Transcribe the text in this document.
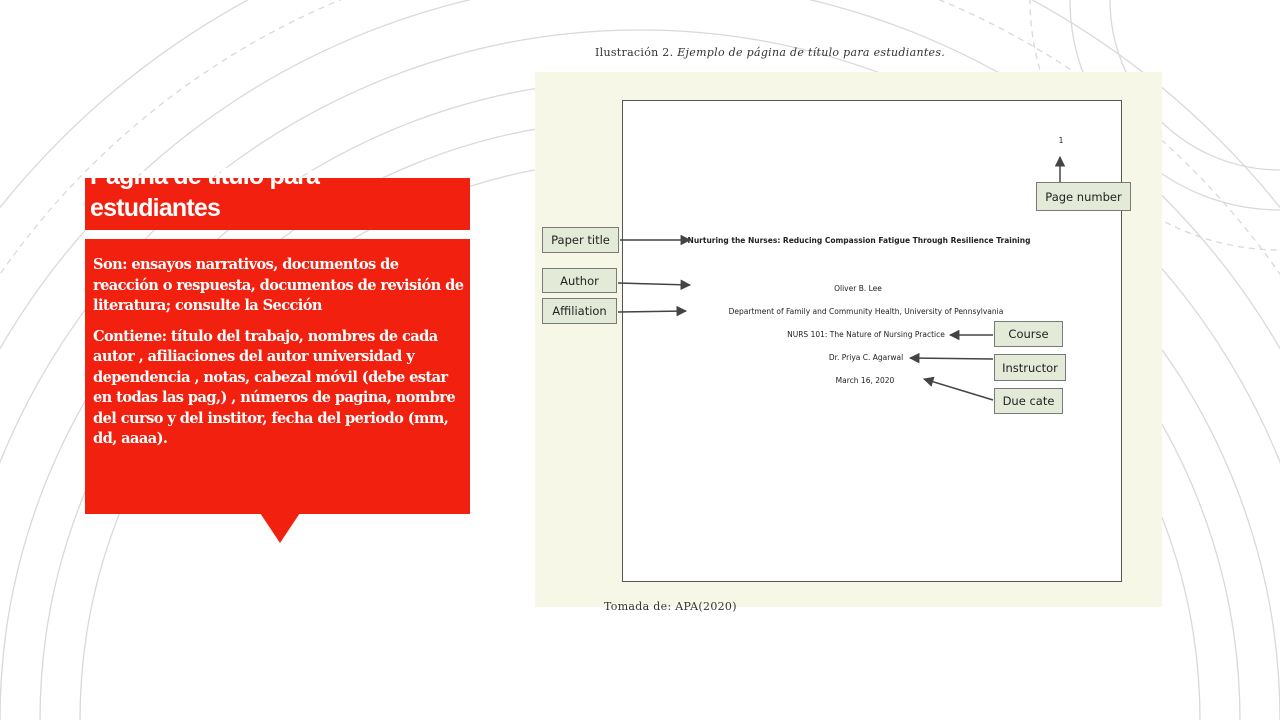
Pagina de título para
estudiantes

Son: ensayos narrativos, documentos de reacción o respuesta, documentos de revisión de literatura; consulte la Sección

Contiene: título del trabajo, nombres de cada autor , afiliaciones del autor universidad y dependencia , notas, cabezal móvil (debe estar en todas las pag,) , números de pagina, nombre del curso y del institor, fecha del periodo (mm, dd, aaaa).

Ilustración 2. Ejemplo de página de título para estudiantes.
1
Nurturing the Nurses: Reducing Compassion Fatigue Through Resilience Training
Oliver B. Lee
Department of Family and Community Health, University of Pennsylvania
NURS 101: The Nature of Nursing Practice
Dr. Priya C. Agarwal
March 16, 2020
Page number
Paper title
Author
Affiliation
Course
Instructor
Due cate
Tomada de: APA(2020)
